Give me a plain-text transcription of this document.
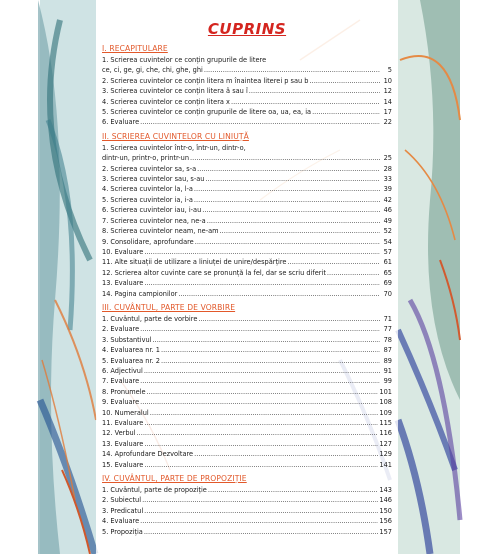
CUPRINS
I. RECAPITULARE
1. Scrierea cuvintelor ce conțin grupurile de litere
ce, ci, ge, gi, che, chi, ghe, ghi .....	5
2. Scrierea cuvintelor ce conțin litera m înaintea literei p sau b .....	10
3. Scrierea cuvintelor ce conțin litera â sau î .....	12
4. Scrierea cuvintelor ce conțin litera x .....	14
5. Scrierea cuvintelor ce conțin grupurile de litere oa, ua, ea, ia .....	17
6. Evaluare .....	22
II. SCRIEREA CUVINTELOR CU LINIUȚĂ
1. Scrierea cuvintelor într-o, într-un, dintr-o,
dintr-un, printr-o, printr-un .....	25
2. Scrierea cuvintelor sa, s-a .....	28
3. Scrierea cuvintelor sau, s-au .....	33
4. Scrierea cuvintelor la, l-a .....	39
5. Scrierea cuvintelor ia, i-a .....	42
6. Scrierea cuvintelor iau, i-au .....	46
7. Scrierea cuvintelor nea, ne-a .....	49
8. Scrierea cuvintelor neam, ne-am .....	52
9. Consolidare, aprofundare .....	54
10. Evaluare .....	57
11. Alte situații de utilizare a liniuței de unire/despărțire .....	61
12. Scrierea altor cuvinte care se pronunță la fel, dar se scriu diferit .....	65
13. Evaluare .....	69
14. Pagina campionilor .....	70
III. CUVÂNTUL, PARTE DE VORBIRE
1. Cuvântul, parte de vorbire .....	71
2. Evaluare .....	77
3. Substantivul .....	78
4. Evaluarea nr. 1 .....	87
5. Evaluarea nr. 2 .....	89
6. Adjectivul .....	91
7. Evaluare .....	99
8. Pronumele .....	101
9. Evaluare .....	108
10. Numeralul .....	109
11. Evaluare .....	115
12. Verbul .....	116
13. Evaluare .....	127
14. Aprofundare Dezvoltare .....	129
15. Evaluare .....	141
IV. CUVÂNTUL, PARTE DE PROPOZIȚIE
1. Cuvântul, parte de propoziție .....	143
2. Subiectul .....	146
3. Predicatul .....	150
4. Evaluare .....	156
5. Propoziția .....	157
